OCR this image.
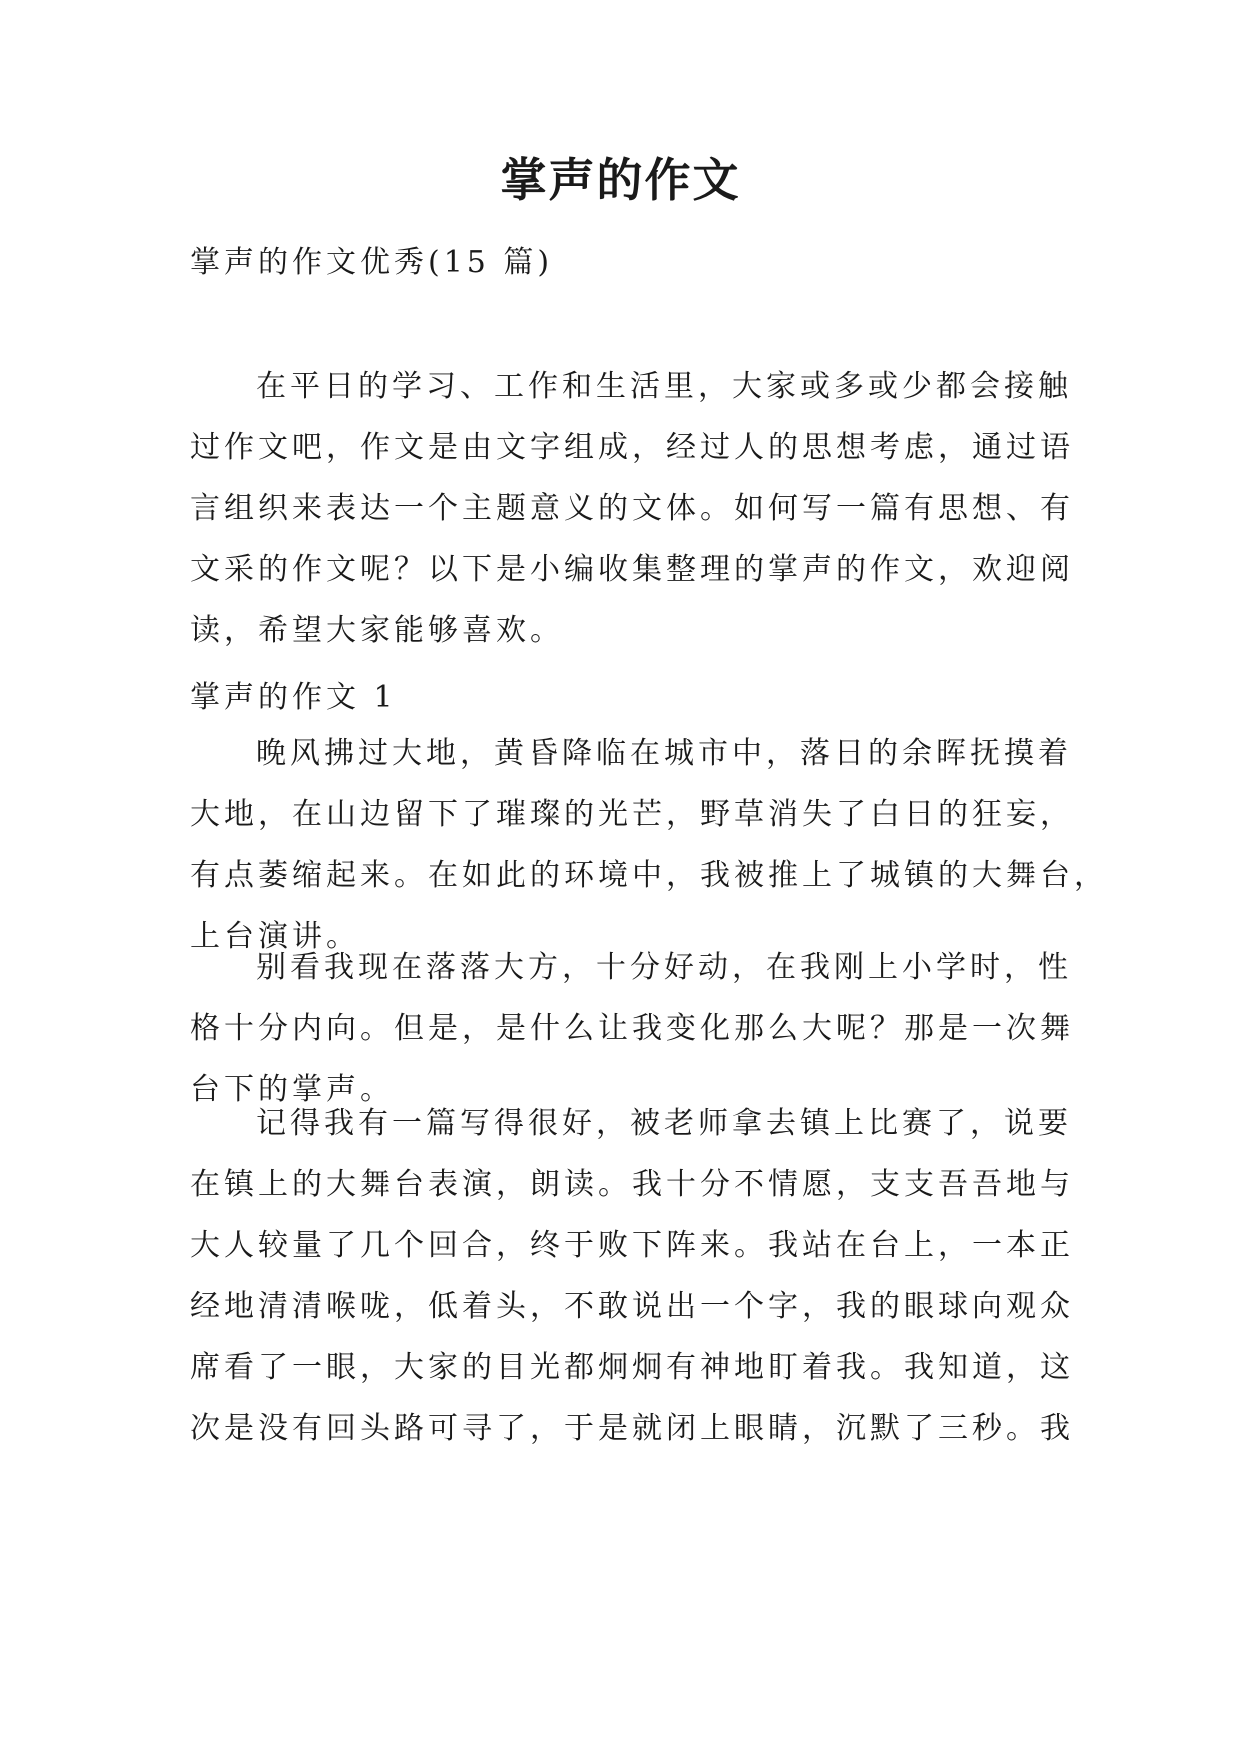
掌声的作文

掌声的作文优秀(15 篇)

在平日的学习、工作和生活里，大家或多或少都会接触
过作文吧，作文是由文字组成，经过人的思想考虑，通过语
言组织来表达一个主题意义的文体。如何写一篇有思想、有
文采的作文呢？以下是小编收集整理的掌声的作文，欢迎阅
读，希望大家能够喜欢。

掌声的作文 1

晚风拂过大地，黄昏降临在城市中，落日的余晖抚摸着
大地，在山边留下了璀璨的光芒，野草消失了白日的狂妄，
有点萎缩起来。在如此的环境中，我被推上了城镇的大舞台，
上台演讲。

别看我现在落落大方，十分好动，在我刚上小学时，性
格十分内向。但是，是什么让我变化那么大呢？那是一次舞
台下的掌声。

记得我有一篇写得很好，被老师拿去镇上比赛了，说要
在镇上的大舞台表演，朗读。我十分不情愿，支支吾吾地与
大人较量了几个回合，终于败下阵来。我站在台上，一本正
经地清清喉咙，低着头，不敢说出一个字，我的眼球向观众
席看了一眼，大家的目光都炯炯有神地盯着我。我知道，这
次是没有回头路可寻了，于是就闭上眼睛，沉默了三秒。我
